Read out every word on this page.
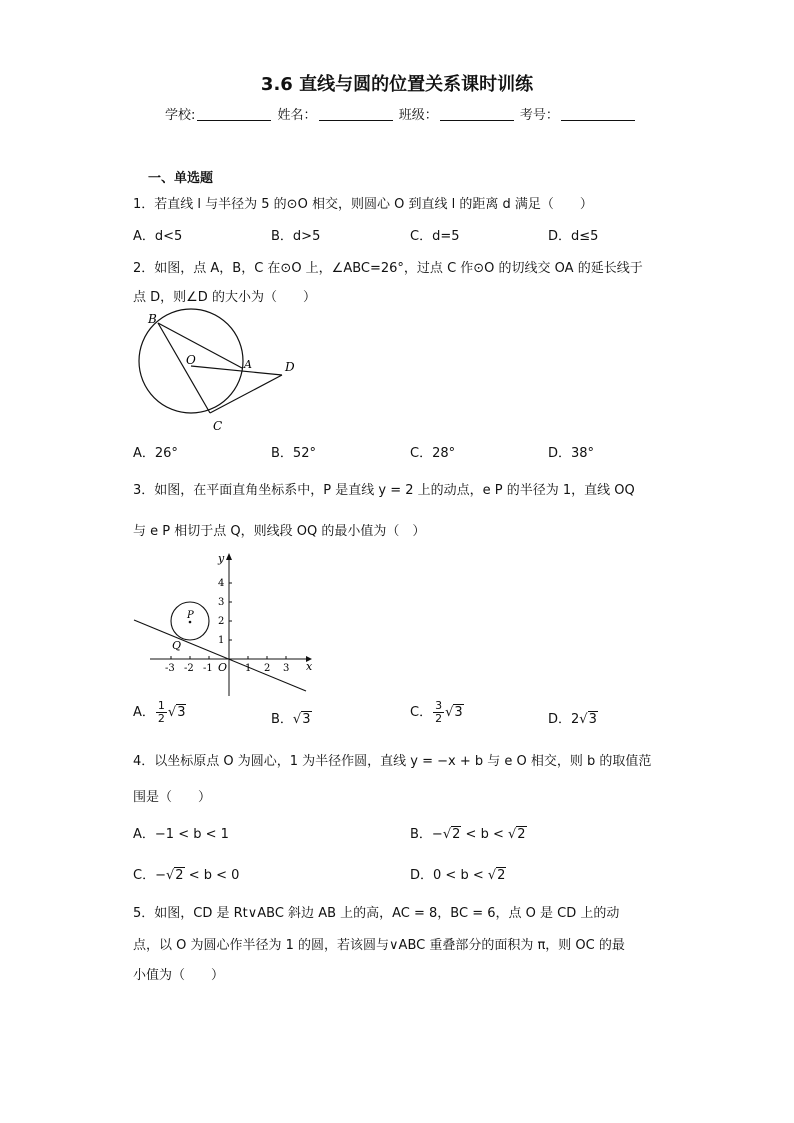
3.6 直线与圆的位置关系课时训练
学校:	姓名：	班级：	考号：
一、单选题
1．若直线 l 与半径为 5 的⊙O 相交，则圆心 O 到直线 l 的距离 d 满足（　　）
A．d<5	B．d>5	C．d=5	D．d≤5
2．如图，点 A，B，C 在⊙O 上，∠ABC=26°，过点 C 作⊙O 的切线交 OA 的延长线于
点 D，则∠D 的大小为（　　）
B
O	A	D
C
A．26°	B．52°	C．28°	D．38°
3．如图，在平面直角坐标系中，P 是直线 y = 2 上的动点，e P 的半径为 1，直线 OQ
与 e P 相切于点 Q，则线段 OQ 的最小值为（　）
y
x
P
Q
O
-3 -2 -1	1 2 3
4
3
2
1
A． $\frac{1}{2} √3$	B．√3	C． $\frac{3}{2} √3$	D．2√3
4．以坐标原点 O 为圆心，1 为半径作圆，直线 y = −x + b 与 e O 相交，则 b 的取值范
围是（　　）
A．−1 < b < 1	B．−√2 < b < √2
C．−√2 < b < 0	D．0 < b < √2
5．如图，CD 是 Rt∨ABC 斜边 AB 上的高，AC = 8，BC = 6，点 O 是 CD 上的动
点，以 O 为圆心作半径为 1 的圆，若该圆与∨ABC 重叠部分的面积为 π，则 OC 的最
小值为（　　）
